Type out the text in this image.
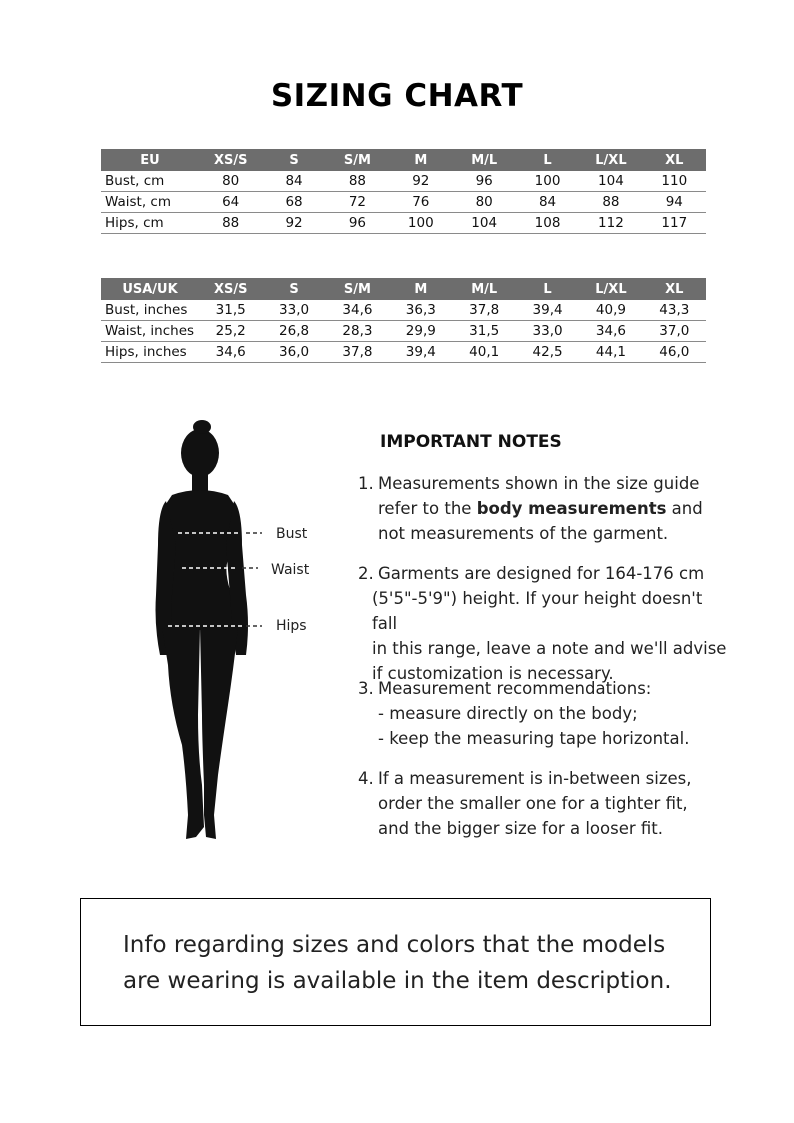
SIZING CHART
EU	XS/S	S	S/M	M	M/L	L	L/XL	XL
Bust, cm	80	84	88	92	96	100	104	110
Waist, cm	64	68	72	76	80	84	88	94
Hips, cm	88	92	96	100	104	108	112	117
USA/UK	XS/S	S	S/M	M	M/L	L	L/XL	XL
Bust, inches	31,5	33,0	34,6	36,3	37,8	39,4	40,9	43,3
Waist, inches	25,2	26,8	28,3	29,9	31,5	33,0	34,6	37,0
Hips, inches	34,6	36,0	37,8	39,4	40,1	42,5	44,1	46,0
Bust
Waist
Hips
IMPORTANT NOTES
1. Measurements shown in the size guide

refer to the body measurements and

not measurements of the garment.

2. Garments are designed for 164-176 cm

(5'5"-5'9") height. If your height doesn't fall

in this range, leave a note and we'll advise

if customization is necessary.

3. Measurement recommendations:

- measure directly on the body;

- keep the measuring tape horizontal.

4. If a measurement is in-between sizes,

order the smaller one for a tighter fit,

and the bigger size for a looser fit.

Info regarding sizes and colors that the models
are wearing is available in the item description.
